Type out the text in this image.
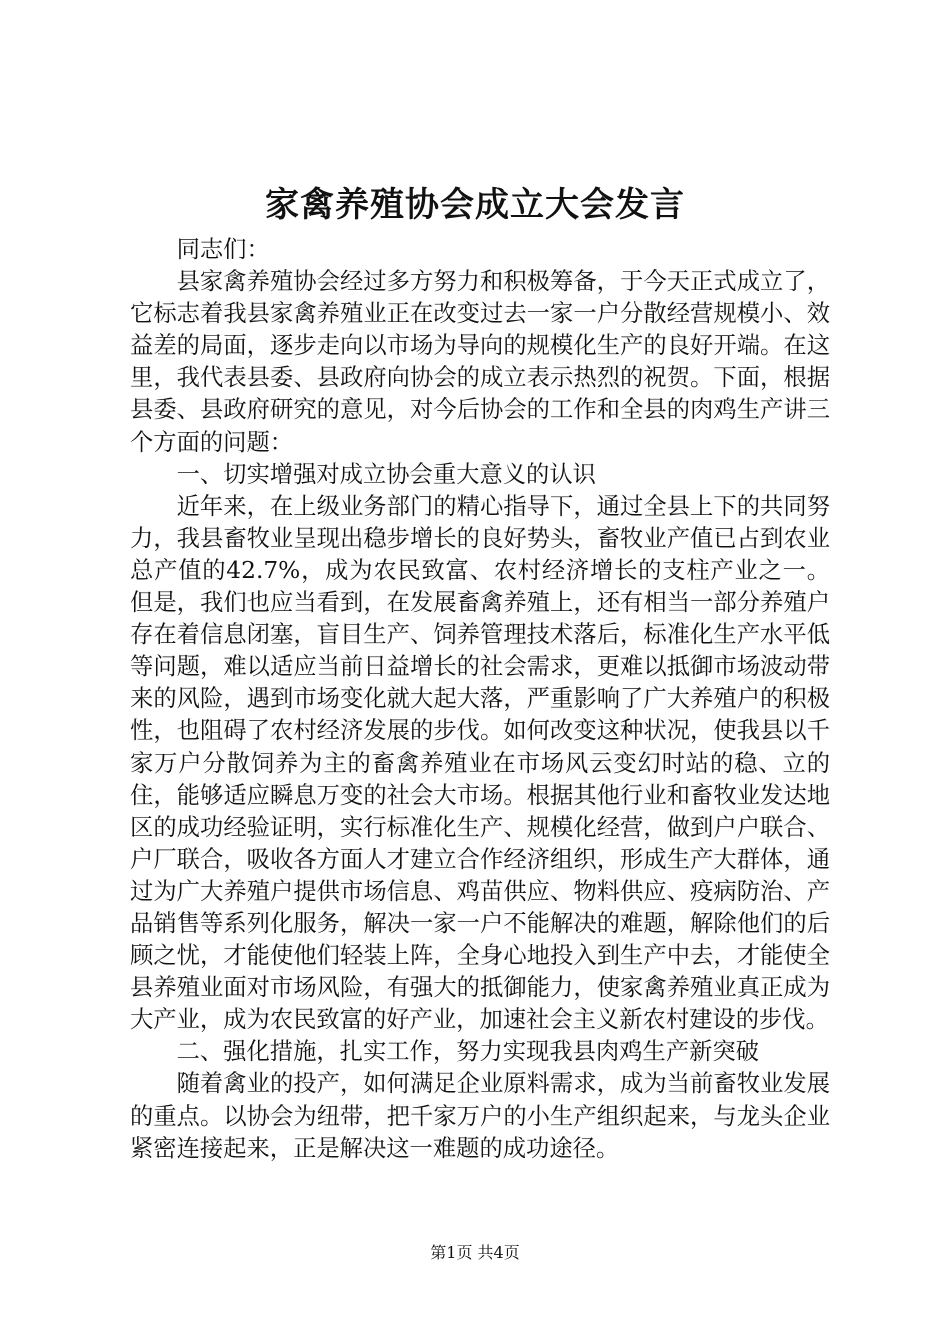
家禽养殖协会成立大会发言

同志们：

县家禽养殖协会经过多方努力和积极筹备，于今天正式成立了，它标志着我县家禽养殖业正在改变过去一家一户分散经营规模小、效益差的局面，逐步走向以市场为导向的规模化生产的良好开端。在这里，我代表县委、县政府向协会的成立表示热烈的祝贺。下面，根据县委、县政府研究的意见，对今后协会的工作和全县的肉鸡生产讲三个方面的问题：

一、切实增强对成立协会重大意义的认识

近年来，在上级业务部门的精心指导下，通过全县上下的共同努力，我县畜牧业呈现出稳步增长的良好势头，畜牧业产值已占到农业总产值的42.7%，成为农民致富、农村经济增长的支柱产业之一。但是，我们也应当看到，在发展畜禽养殖上，还有相当一部分养殖户存在着信息闭塞，盲目生产、饲养管理技术落后，标准化生产水平低等问题，难以适应当前日益增长的社会需求，更难以抵御市场波动带来的风险，遇到市场变化就大起大落，严重影响了广大养殖户的积极性，也阻碍了农村经济发展的步伐。如何改变这种状况，使我县以千家万户分散饲养为主的畜禽养殖业在市场风云变幻时站的稳、立的住，能够适应瞬息万变的社会大市场。根据其他行业和畜牧业发达地区的成功经验证明，实行标准化生产、规模化经营，做到户户联合、户厂联合，吸收各方面人才建立合作经济组织，形成生产大群体，通过为广大养殖户提供市场信息、鸡苗供应、物料供应、疫病防治、产品销售等系列化服务，解决一家一户不能解决的难题，解除他们的后顾之忧，才能使他们轻装上阵，全身心地投入到生产中去，才能使全县养殖业面对市场风险，有强大的抵御能力，使家禽养殖业真正成为大产业，成为农民致富的好产业，加速社会主义新农村建设的步伐。

二、强化措施，扎实工作，努力实现我县肉鸡生产新突破

随着禽业的投产，如何满足企业原料需求，成为当前畜牧业发展的重点。以协会为纽带，把千家万户的小生产组织起来，与龙头企业紧密连接起来，正是解决这一难题的成功途径。

第1页 共4页
